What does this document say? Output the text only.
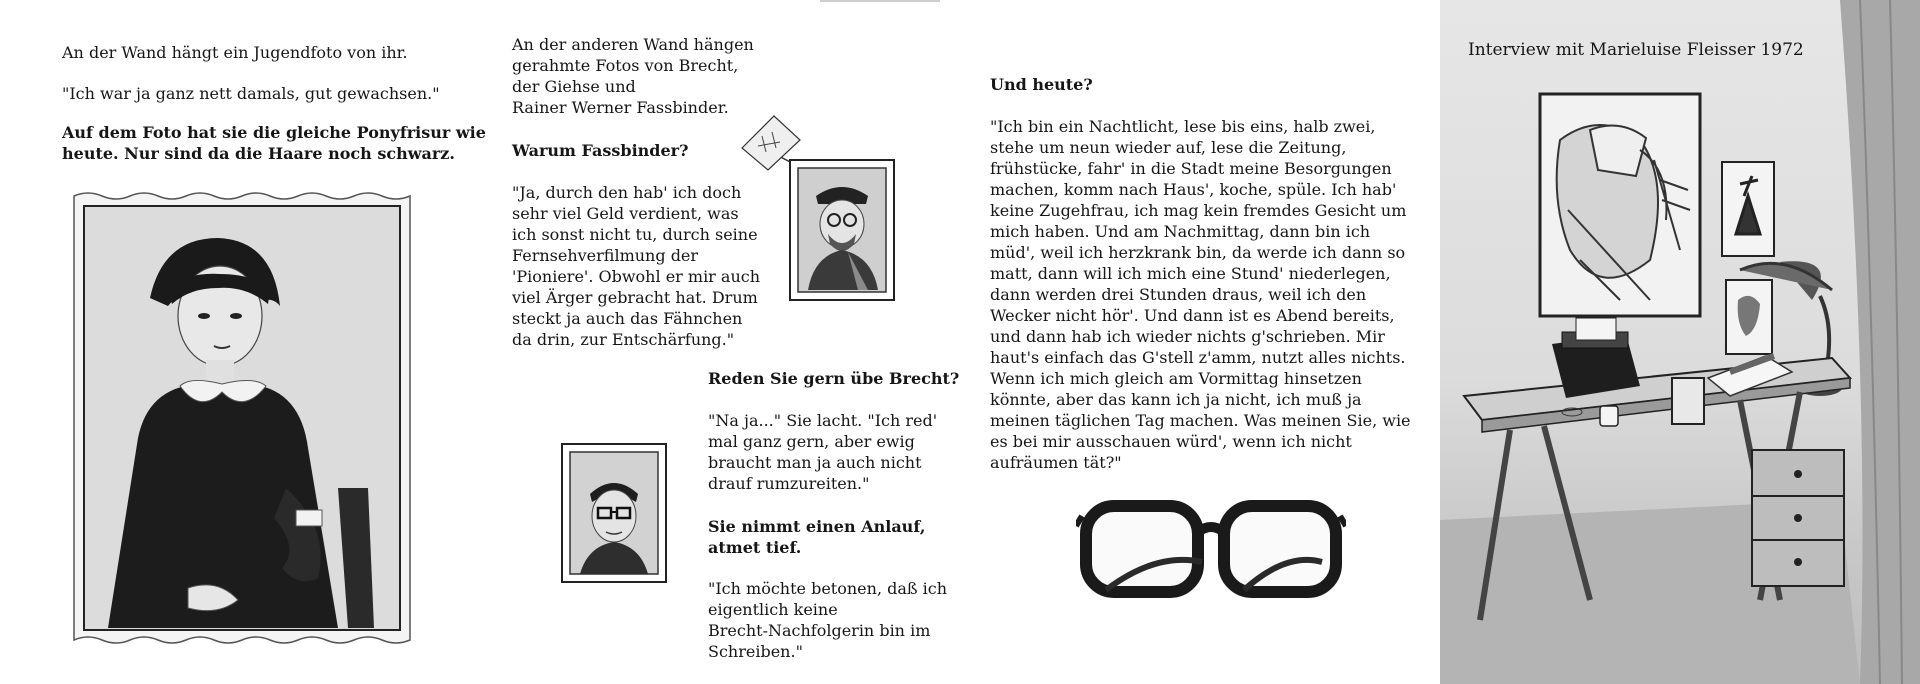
An der Wand hängt ein Jugendfoto von ihr.

"Ich war ja ganz nett damals, gut gewachsen."

Auf dem Foto hat sie die gleiche Ponyfrisur wie

heute. Nur sind da die Haare noch schwarz.

An der anderen Wand hängen

gerahmte Fotos von Brecht,

der Giehse und

Rainer Werner Fassbinder.

Warum Fassbinder?

"Ja, durch den hab' ich doch

sehr viel Geld verdient, was

ich sonst nicht tu, durch seine

Fernsehverfilmung der

'Pioniere'. Obwohl er mir auch

viel Ärger gebracht hat. Drum

steckt ja auch das Fähnchen

da drin, zur Entschärfung."

Reden Sie gern übe Brecht?

"Na ja..." Sie lacht. "Ich red'

mal ganz gern, aber ewig

braucht man ja auch nicht

drauf rumzureiten."

Sie nimmt einen Anlauf,

atmet tief.

"Ich möchte betonen, daß ich

eigentlich keine

Brecht-Nachfolgerin bin im

Schreiben."

Und heute?

"Ich bin ein Nachtlicht, lese bis eins, halb zwei,

stehe um neun wieder auf, lese die Zeitung,

frühstücke, fahr' in die Stadt meine Besorgungen

machen, komm nach Haus', koche, spüle. Ich hab'

keine Zugehfrau, ich mag kein fremdes Gesicht um

mich haben. Und am Nachmittag, dann bin ich

müd', weil ich herzkrank bin, da werde ich dann so

matt, dann will ich mich eine Stund' niederlegen,

dann werden drei Stunden draus, weil ich den

Wecker nicht hör'. Und dann ist es Abend bereits,

und dann hab ich wieder nichts g'schrieben. Mir

haut's einfach das G'stell z'amm, nutzt alles nichts.

Wenn ich mich gleich am Vormittag hinsetzen

könnte, aber das kann ich ja nicht, ich muß ja

meinen täglichen Tag machen. Was meinen Sie, wie

es bei mir ausschauen würd', wenn ich nicht

aufräumen tät?"

Interview mit Marieluise Fleisser 1972
